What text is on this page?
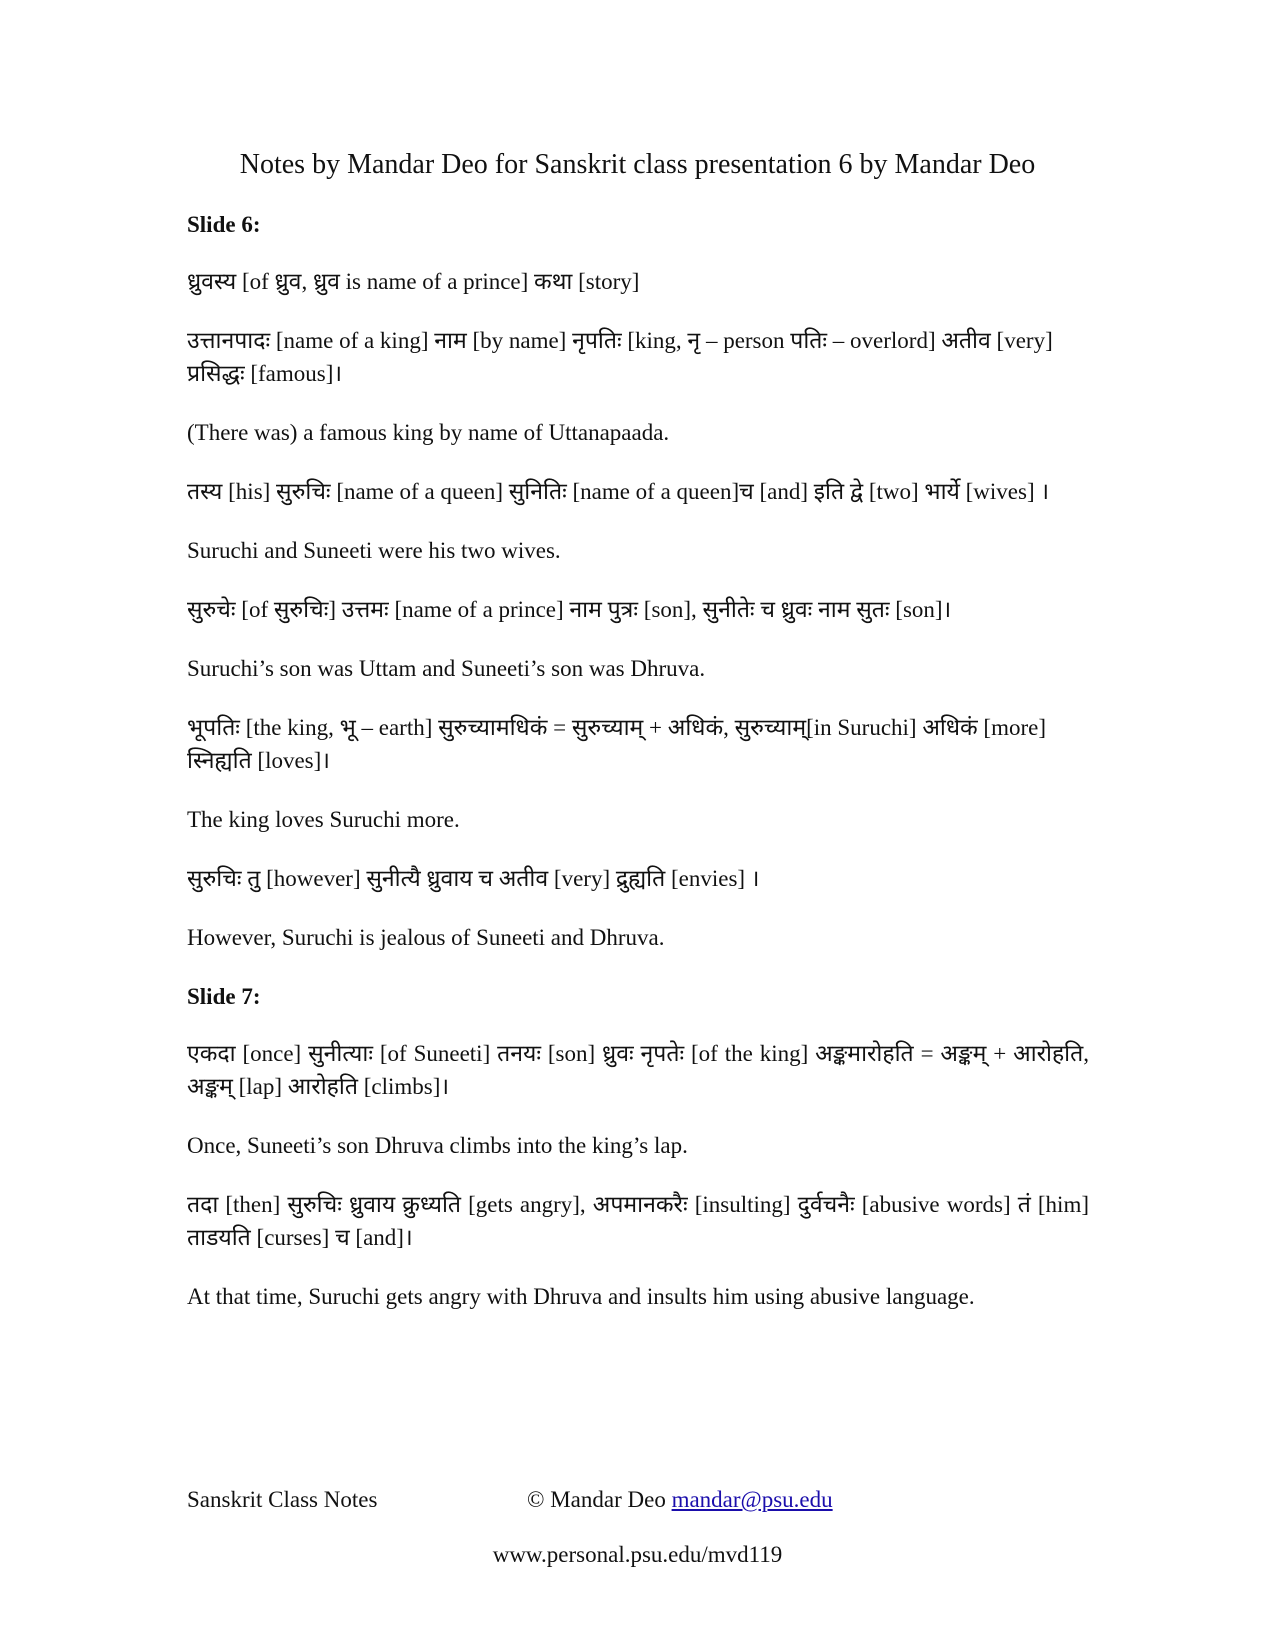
Notes by Mandar Deo for Sanskrit class presentation 6 by Mandar Deo
Slide 6:
ध्रुवस्य [of ध्रुव, ध्रुव is name of a prince] कथा [story]
उत्तानपादः [name of a king] नाम [by name] नृपतिः [king, नृ – person पतिः – overlord] अतीव [very] प्रसिद्धः [famous]।
(There was) a famous king by name of Uttanapaada.
तस्य [his] सुरुचिः [name of a queen] सुनितिः [name of a queen]च [and] इति द्वे [two] भार्ये [wives] ।
Suruchi and Suneeti were his two wives.
सुरुचेः [of सुरुचिः] उत्तमः [name of a prince] नाम पुत्रः [son], सुनीतेः च ध्रुवः नाम सुतः [son]।
Suruchi’s son was Uttam and Suneeti’s son was Dhruva.
भूपतिः [the king, भू – earth] सुरुच्यामधिकं = सुरुच्याम् + अधिकं, सुरुच्याम्[in Suruchi] अधिकं [more] स्निह्यति [loves]।
The king loves Suruchi more.
सुरुचिः तु [however] सुनीत्यै ध्रुवाय च अतीव [very] द्रुह्यति [envies] ।
However, Suruchi is jealous of Suneeti and Dhruva.
Slide 7:
एकदा [once] सुनीत्याः [of Suneeti] तनयः [son] ध्रुवः नृपतेः [of the king] अङ्कमारोहति = अङ्कम् + आरोहति, अङ्कम् [lap] आरोहति [climbs]।
Once, Suneeti’s son Dhruva climbs into the king’s lap.
तदा [then] सुरुचिः ध्रुवाय क्रुध्यति [gets angry], अपमानकरैः [insulting] दुर्वचनैः [abusive words] तं [him] ताडयति [curses] च [and]।
At that time, Suruchi gets angry with Dhruva and insults him using abusive language.
Sanskrit Class Notes	© Mandar Deo mandar@psu.edu
www.personal.psu.edu/mvd119
